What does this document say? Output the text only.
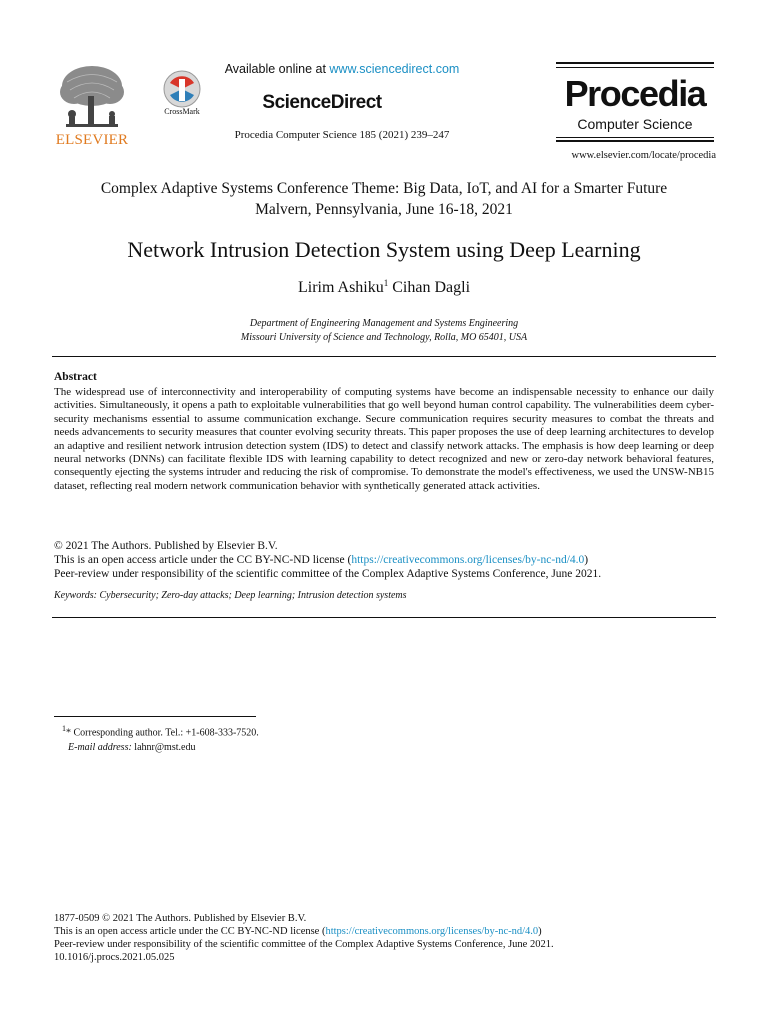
ELSEVIER
CrossMark
Available online at www.sciencedirect.com
ScienceDirect
Procedia Computer Science 185 (2021) 239–247
Procedia
Computer Science
www.elsevier.com/locate/procedia
Complex Adaptive Systems Conference Theme: Big Data, IoT, and AI for a Smarter Future
Malvern, Pennsylvania, June 16-18, 2021
Network Intrusion Detection System using Deep Learning
Lirim Ashiku$^1$ Cihan Dagli
Department of Engineering Management and Systems Engineering
Missouri University of Science and Technology, Rolla, MO 65401, USA
Abstract
The widespread use of interconnectivity and interoperability of computing systems have become an indispensable necessity to enhance our daily activities. Simultaneously, it opens a path to exploitable vulnerabilities that go well beyond human control capability. The vulnerabilities deem cyber-security mechanisms essential to assume communication exchange. Secure communication requires security measures to combat the threats and needs advancements to security measures that counter evolving security threats. This paper proposes the use of deep learning architectures to develop an adaptive and resilient network intrusion detection system (IDS) to detect and classify network attacks. The emphasis is how deep learning or deep neural networks (DNNs) can facilitate flexible IDS with learning capability to detect recognized and new or zero-day network behavioral features, consequently ejecting the systems intruder and reducing the risk of compromise. To demonstrate the model's effectiveness, we used the UNSW-NB15 dataset, reflecting real modern network communication behavior with synthetically generated attack activities.
© 2021 The Authors. Published by Elsevier B.V.
This is an open access article under the CC BY-NC-ND license (https://creativecommons.org/licenses/by-nc-nd/4.0)
Peer-review under responsibility of the scientific committee of the Complex Adaptive Systems Conference, June 2021.
Keywords: Cybersecurity; Zero-day attacks; Deep learning; Intrusion detection systems
$^1$* Corresponding author. Tel.: +1-608-333-7520.
E-mail address: lahnr@mst.edu
1877-0509 © 2021 The Authors. Published by Elsevier B.V.
This is an open access article under the CC BY-NC-ND license (https://creativecommons.org/licenses/by-nc-nd/4.0)
Peer-review under responsibility of the scientific committee of the Complex Adaptive Systems Conference, June 2021.
10.1016/j.procs.2021.05.025
